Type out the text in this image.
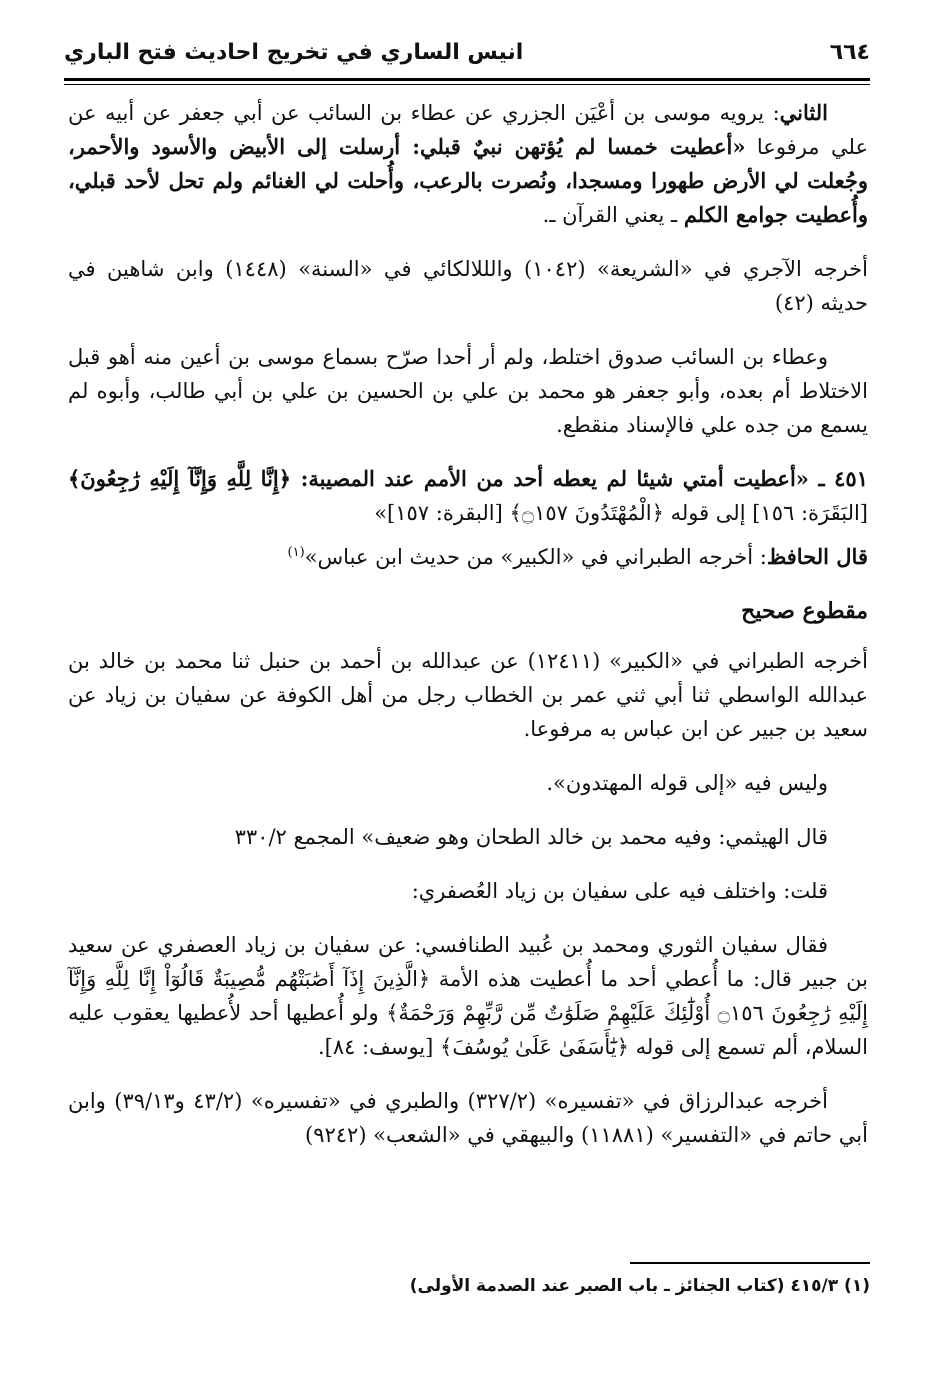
٦٦٤
انيس الساري في تخريج احاديث فتح الباري

الثاني: يرويه موسى بن أعْيَن الجزري عن عطاء بن السائب عن أبي جعفر عن أبيه عن علي مرفوعا «أعطيت خمسا لم يُؤتهن نبيٌ قبلي: أرسلت إلى الأبيض والأسود والأحمر، وجُعلت لي الأرض طهورا ومسجدا، ونُصرت بالرعب، وأُحلت لي الغنائم ولم تحل لأحد قبلي، وأُعطيت جوامع الكلم ـ يعني القرآن ـ.

أخرجه الآجري في «الشريعة» (١٠٤٢) والللالكائي في «السنة» (١٤٤٨) وابن شاهين في حديثه (٤٢)

وعطاء بن السائب صدوق اختلط، ولم أر أحدا صرّح بسماع موسى بن أعين منه أهو قبل الاختلاط أم بعده، وأبو جعفر هو محمد بن علي بن الحسين بن علي بن أبي طالب، وأبوه لم يسمع من جده علي فالإسناد منقطع.

٤٥١ ـ «أعطيت أمتي شيئا لم يعطه أحد من الأمم عند المصيبة: ﴿إِنَّا لِلَّهِ وَإِنَّآ إِلَيْهِ رَٰجِعُونَ﴾ [البَقَرَة: ١٥٦] إلى قوله ﴿الْمُهْتَدُونَ ۝١٥٧﴾ [البقرة: ١٥٧]»

قال الحافظ: أخرجه الطبراني في «الكبير» من حديث ابن عباس»$^{(١)}$

مقطوع صحيح

أخرجه الطبراني في «الكبير» (١٢٤١١) عن عبدالله بن أحمد بن حنبل ثنا محمد بن خالد بن عبدالله الواسطي ثنا أبي ثني عمر بن الخطاب رجل من أهل الكوفة عن سفيان بن زياد عن سعيد بن جبير عن ابن عباس به مرفوعا.

وليس فيه «إلى قوله المهتدون».

قال الهيثمي: وفيه محمد بن خالد الطحان وهو ضعيف» المجمع ٣٣٠/٢

قلت: واختلف فيه على سفيان بن زياد العُصفري:

فقال سفيان الثوري ومحمد بن عُبيد الطنافسي: عن سفيان بن زياد العصفري عن سعيد بن جبير قال: ما أُعطي أحد ما أُعطيت هذه الأمة ﴿الَّذِينَ إِذَآ أَصَٰبَتْهُم مُّصِيبَةٌ قَالُوٓاْ إِنَّا لِلَّهِ وَإِنَّآ إِلَيْهِ رَٰجِعُونَ ۝١٥٦ أُوْلَٰٓئِكَ عَلَيْهِمْ صَلَوَٰتٌ مِّن رَّبِّهِمْ وَرَحْمَةٌ﴾ ولو أُعطيها أحد لأُعطيها يعقوب عليه السلام، ألم تسمع إلى قوله ﴿يَٰٓأَسَفَىٰ عَلَىٰ يُوسُفَ﴾ [يوسف: ٨٤].

أخرجه عبدالرزاق في «تفسيره» (٣٢٧/٢) والطبري في «تفسيره» (٤٣/٢ و٣٩/١٣) وابن أبي حاتم في «التفسير» (١١٨٨١) والبيهقي في «الشعب» (٩٢٤٢)

(١) ٤١٥/٣ (كتاب الجنائز ـ باب الصبر عند الصدمة الأولى)
